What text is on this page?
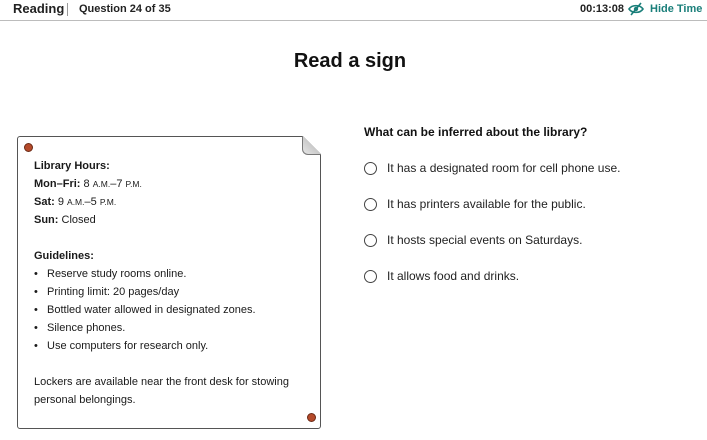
Reading Question 24 of 35	00:13:08 Hide Time
Read a sign
Library Hours:
Mon–Fri: 8 A.M.–7 P.M.
Sat: 9 A.M.–5 P.M.
Sun: Closed
Guidelines:
• Reserve study rooms online.
• Printing limit: 20 pages/day
• Bottled water allowed in designated zones.
• Silence phones.
• Use computers for research only.
Lockers are available near the front desk for stowing personal belongings.
What can be inferred about the library?
It has a designated room for cell phone use.
It has printers available for the public.
It hosts special events on Saturdays.
It allows food and drinks.
